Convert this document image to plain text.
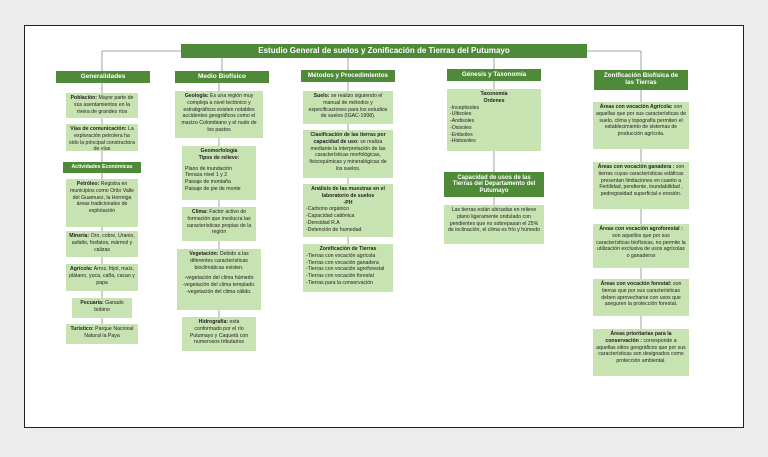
Estudio General de suelos y Zonificación de Tierras del Putumayo
Generalidades
Población: Mayor parte de sus asentamientos en la rivera de grandes ríos
Vías de comunicación: La exploración petrolera ha sido la principal constructora de vías
Actividades Económicas
Petróleo: Registra en municipios como Orito Valle del Guamuez, la Hormiga áreas tradicionales de explotación
Minería: Oro, cobre, Uranio, asfalto, fosfatos, mármol y calizas
Agrícola: Arroz, frijol, maíz, plátano, yuca, caña, cacao y papa
Pecuaria: Ganado bobino
Turístico: Parque Nacional Natural la Paya
Medio Biofísico
Geología: Es una región muy compleja a nivel tectónico y estratigráficos existen notables accidentes geográficos como el macizo Colombiano y el nudo de los pastos
Geomorfología
Tipos de relieve:
Plano de inundación
Terraza nivel 1 y 2
Paisaje de montaña
Paisaje de pie de monte
Clima: Factor activo de formación que involucra las características propias de la región
Vegetación: Debido a las diferentes características bioclimáticas existen.
-vegetación del clima húmedo
-vegetación del clima templado.
-vegetación del clima cálido.
Hidrografía: esta conformado por el río Putumayo y Caquetá con numerosos tributarios
Métodos y Procedimientos
Suelo: se realizo siguiendo el manual de métodos y especificaciones para los estudios de suelos (IGAC-1998).
Clasificación de las tierras por capacidad de uso: se realiza mediante la interpretación de las características morfológicas, fisicoquímicas y mineralógicas de los suelos.
Análisis de las muestras en el laboratorio de suelos
-PH
-Carbono orgánico
-Capacidad catiónica
-Densidad R.A
-Detención de humedad
Zonificación de Tierras
-Tierras con vocación agrícola
-Tierras con vocación ganadera
-Tierras con vocación agroforestal
-Tierras con vocación forestal
-Tierras para la conservación
Génesis y Taxonomía
Taxonomía
Ordenes
-Inceptisoles
-Ultisoles
-Andisoles
-Oxisoles
-Entisoles
-Histosoles
Capacidad de usos de las Tierras del Departamento del Putumayo
Las tierras están ubicadas en relieve plano ligeramente ondulado con pendientes que no sobrepasan el 25% de inclinación, el clima es frío y húmedo
Zonificación Biofísica de las Tierras
Áreas con vocación Agrícola: son aquellas que por sus características de suelo, clima y topografía permiten el establecimiento de sistemas de producción agrícola.
Áreas con vocación ganadera : son tierras cuyas características edáficas presentan limitaciones en cuanto a Fertilidad, pendiente, inundabilidad , pedregosidad superficial o erosión.
Áreas con vocación agroforestal : son aquellos que por sus características biofísicas, no permite la utilización exclusiva de usos agrícolas o ganaderos
Áreas con vocación forestal: son tierras que por sus características deben aprovecharse con usos que aseguren la protección forestal.
Áreas prioritarias para la conservación : corresponde a aquellas sitios geográficos que por sus características son designados como protección ambiental.
